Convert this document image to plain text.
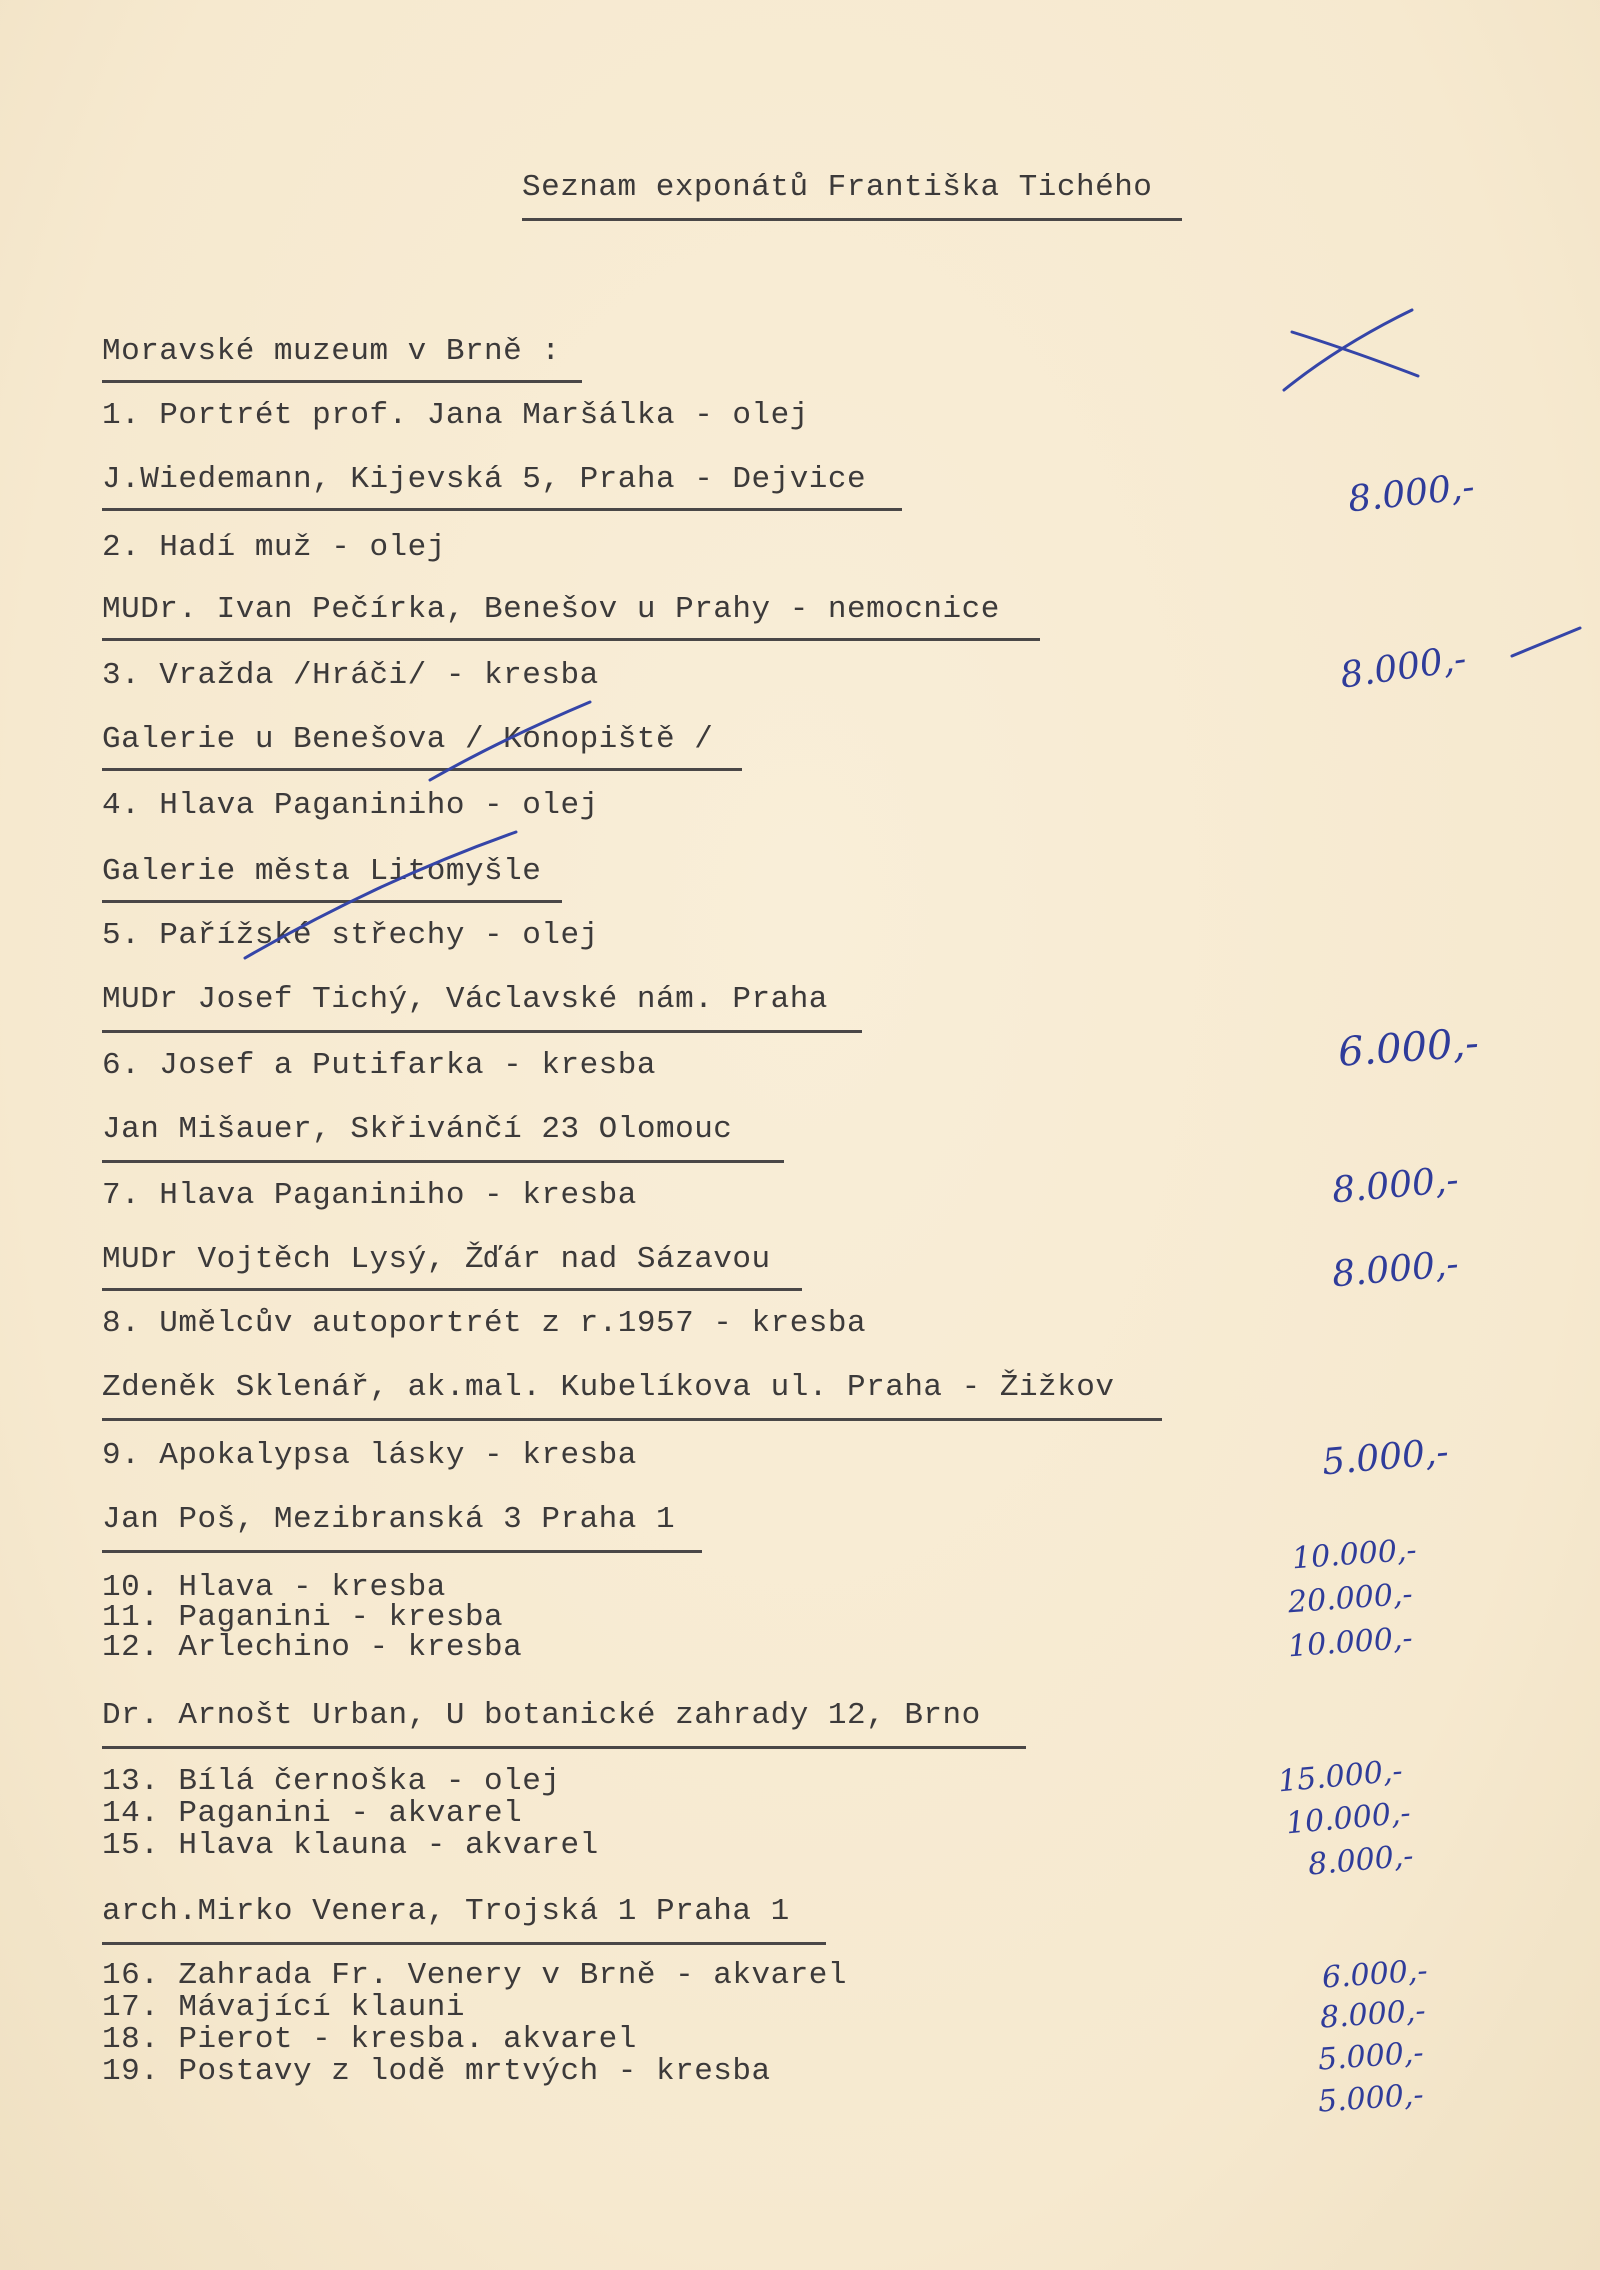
Seznam exponátů Františka Tichého
Moravské muzeum v Brně :
1. Portrét prof. Jana Maršálka - olej
J.Wiedemann, Kijevská 5, Praha - Dejvice
2. Hadí muž - olej
MUDr. Ivan Pečírka, Benešov u Prahy - nemocnice
3. Vražda /Hráči/ - kresba
Galerie u Benešova / Konopiště /
4. Hlava Paganiniho - olej
Galerie města Litomyšle
5. Pařížské střechy - olej
MUDr Josef Tichý, Václavské nám. Praha
6. Josef a Putifarka - kresba
Jan Mišauer, Skřivánčí 23 Olomouc
7. Hlava Paganiniho - kresba
MUDr Vojtěch Lysý, Žďár nad Sázavou
8. Umělcův autoportrét z r.1957 - kresba
Zdeněk Sklenář, ak.mal. Kubelíkova ul. Praha - Žižkov
9. Apokalypsa lásky - kresba
Jan Poš, Mezibranská 3 Praha 1
10. Hlava - kresba
11. Paganini - kresba
12. Arlechino - kresba
Dr. Arnošt Urban, U botanické zahrady 12, Brno
13. Bílá černoška - olej
14. Paganini - akvarel
15. Hlava klauna - akvarel
arch.Mirko Venera, Trojská 1 Praha 1
16. Zahrada Fr. Venery v Brně - akvarel
17. Mávající klauni
18. Pierot - kresba. akvarel
19. Postavy z lodě mrtvých - kresba
8.000,-
8.000,-
6.000,-
8.000,-
8.000,-
5.000,-
10.000,-
20.000,-
10.000,-
15.000,-
10.000,-
8.000,-
6.000,-
8.000,-
5.000,-
5.000,-
